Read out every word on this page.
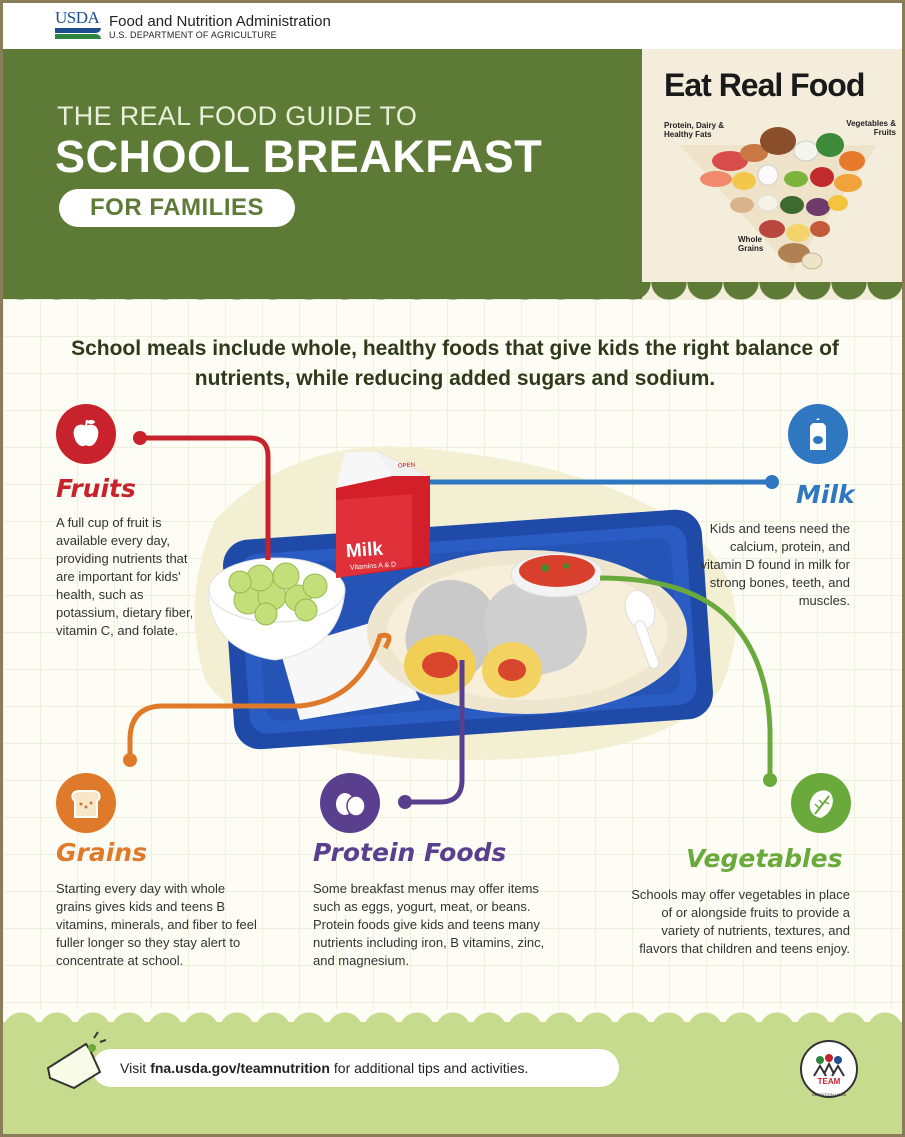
USDA Food and Nutrition Administration
U.S. DEPARTMENT OF AGRICULTURE
THE REAL FOOD GUIDE TO
SCHOOL BREAKFAST
FOR FAMILIES
Eat Real Food
Protein, Dairy & Healthy Fats
Vegetables & Fruits
Whole Grains
School meals include whole, healthy foods that give kids the right balance of nutrients, while reducing added sugars and sodium.
Milk
Vitamins A & D
OPEN
Fruits
A full cup of fruit is available every day, providing nutrients that are important for kids' health, such as potassium, dietary fiber, vitamin C, and folate.
Milk
Kids and teens need the calcium, protein, and vitamin D found in milk for strong bones, teeth, and muscles.
Grains
Starting every day with whole grains gives kids and teens B vitamins, minerals, and fiber to feel fuller longer so they stay alert to concentrate at school.
Protein Foods
Some breakfast menus may offer items such as eggs, yogurt, meat, or beans. Protein foods give kids and teens many nutrients including iron, B vitamins, zinc, and magnesium.
Vegetables
Schools may offer vegetables in place of or alongside fruits to provide a variety of nutrients, textures, and flavors that children and teens enjoy.
Visit fna.usda.gov/teamnutrition for additional tips and activities.
TEAM
NUTRITION·USDA
